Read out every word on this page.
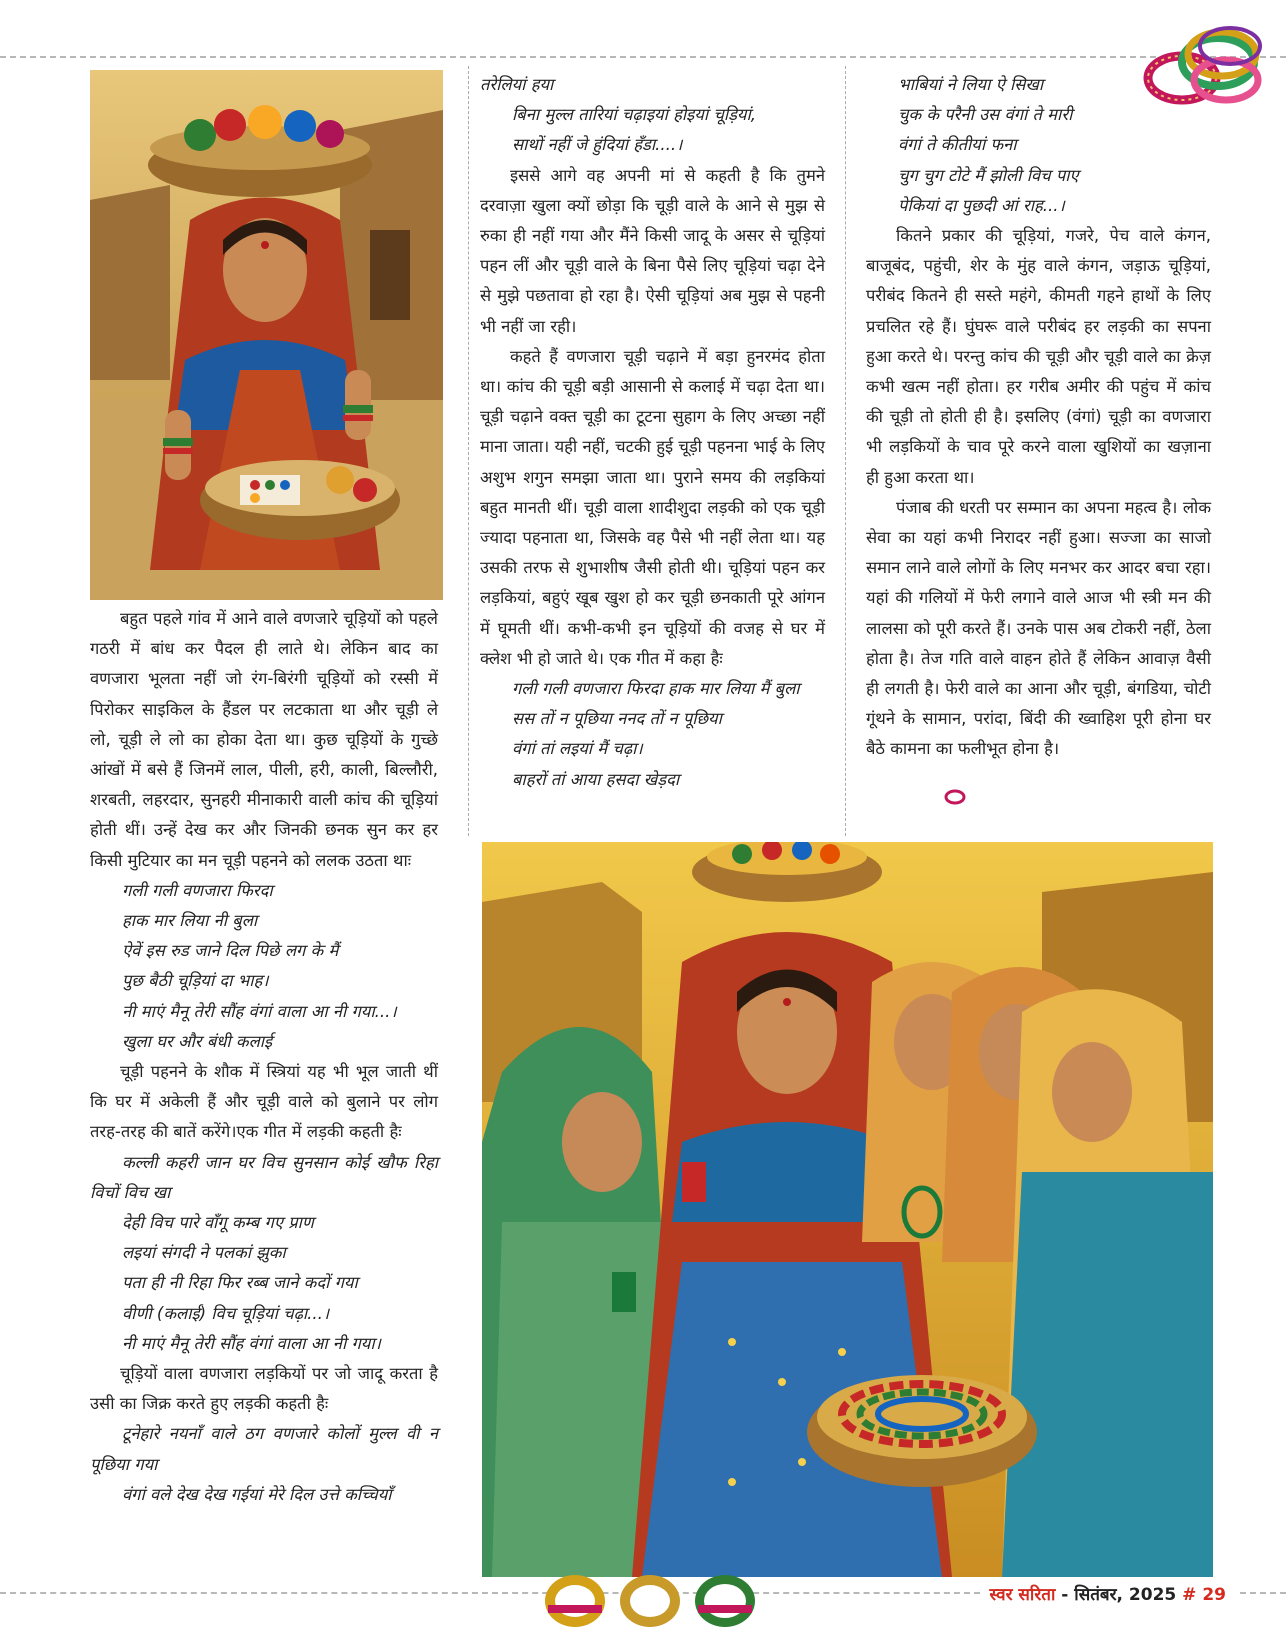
बहुत पहले गांव में आने वाले वणजारे चूड़ियों को पहले गठरी में बांध कर पैदल ही लाते थे। लेकिन बाद का वणजारा भूलता नहीं जो रंग-बिरंगी चूड़ियों को रस्सी में पिरोकर साइकिल के हैंडल पर लटकाता था और चूड़ी ले लो, चूड़ी ले लो का होका देता था। कुछ चूड़ियों के गुच्छे आंखों में बसे हैं जिनमें लाल, पीली, हरी, काली, बिल्लौरी, शरबती, लहरदार, सुनहरी मीनाकारी वाली कांच की चूड़ियां होती थीं। उन्हें देख कर और जिनकी छनक सुन कर हर किसी मुटियार का मन चूड़ी पहनने को ललक उठता थाः

गली गली वणजारा फिरदा
हाक मार लिया नी बुला
ऐवें इस रुड जाने दिल पिछे लग के मैं
पुछ बैठी चूड़ियां दा भाह।
नी माएं मैनू तेरी सौंह वंगां वाला आ नी गया...।
खुला घर और बंधी कलाई

चूड़ी पहनने के शौक में स्त्रियां यह भी भूल जाती थीं कि घर में अकेली हैं और चूड़ी वाले को बुलाने पर लोग तरह-तरह की बातें करेंगे।एक गीत में लड़की कहती हैः

कल्ली कहरी जान घर विच सुनसान कोई खौफ रिहा विचों विच खा
देही विच पारे वाँगू कम्ब गए प्राण
लइयां संगदी ने पलकां झुका
पता ही नी रिहा फिर रब्ब जाने कदों गया
वीणी (कलाई) विच चूड़ियां चढ़ा...।
नी माएं मैनू तेरी सौंह वंगां वाला आ नी गया।

चूड़ियों वाला वणजारा लड़कियों पर जो जादू करता है उसी का जिक्र करते हुए लड़की कहती हैः

टूनेहारे नयनाँ वाले ठग वणजारे कोलों मुल्ल वी न पूछिया गया
वंगां वले देख देख गईयां मेरे दिल उत्ते कच्चियाँ
तरेलियां हया
बिना मुल्ल तारियां चढ़ाइयां होइयां चूड़ियां,
साथों नहीं जे हुंदियां हँडा....।

इससे आगे वह अपनी मां से कहती है कि तुमने दरवाज़ा खुला क्यों छोड़ा कि चूड़ी वाले के आने से मुझ से रुका ही नहीं गया और मैंने किसी जादू के असर से चूड़ियां पहन लीं और चूड़ी वाले के बिना पैसे लिए चूड़ियां चढ़ा देने से मुझे पछतावा हो रहा है। ऐसी चूड़ियां अब मुझ से पहनी भी नहीं जा रही।

कहते हैं वणजारा चूड़ी चढ़ाने में बड़ा हुनरमंद होता था। कांच की चूड़ी बड़ी आसानी से कलाई में चढ़ा देता था। चूड़ी चढ़ाने वक्त चूड़ी का टूटना सुहाग के लिए अच्छा नहीं माना जाता। यही नहीं, चटकी हुई चूड़ी पहनना भाई के लिए अशुभ शगुन समझा जाता था। पुराने समय की लड़कियां बहुत मानती थीं। चूड़ी वाला शादीशुदा लड़की को एक चूड़ी ज्यादा पहनाता था, जिसके वह पैसे भी नहीं लेता था। यह उसकी तरफ से शुभाशीष जैसी होती थी। चूड़ियां पहन कर लड़कियां, बहुएं खूब खुश हो कर चूड़ी छनकाती पूरे आंगन में घूमती थीं। कभी-कभी इन चूड़ियों की वजह से घर में क्लेश भी हो जाते थे। एक गीत में कहा हैः

गली गली वणजारा फिरदा हाक मार लिया मैं बुला
सस तों न पूछिया ननद तों न पूछिया
वंगां तां लइयां मैं चढ़ा।
बाहरों तां आया हसदा खेड़दा
भाबियां ने लिया ऐ सिखा
चुक के परैनी उस वंगां ते मारी
वंगां ते कीतीयां फना
चुग चुग टोटे मैं झोली विच पाए
पेकियां दा पुछदी आं राह...।

कितने प्रकार की चूड़ियां, गजरे, पेच वाले कंगन, बाजूबंद, पहुंची, शेर के मुंह वाले कंगन, जड़ाऊ चूड़ियां, परीबंद कितने ही सस्ते महंगे, कीमती गहने हाथों के लिए प्रचलित रहे हैं। घुंघरू वाले परीबंद हर लड़की का सपना हुआ करते थे। परन्तु कांच की चूड़ी और चूड़ी वाले का क्रेज़ कभी खत्म नहीं होता। हर गरीब अमीर की पहुंच में कांच की चूड़ी तो होती ही है। इसलिए (वंगां) चूड़ी का वणजारा भी लड़कियों के चाव पूरे करने वाला खुशियों का खज़ाना ही हुआ करता था।

पंजाब की धरती पर सम्मान का अपना महत्व है। लोक सेवा का यहां कभी निरादर नहीं हुआ। सज्जा का साजो समान लाने वाले लोगों के लिए मनभर कर आदर बचा रहा। यहां की गलियों में फेरी लगाने वाले आज भी स्त्री मन की लालसा को पूरी करते हैं। उनके पास अब टोकरी नहीं, ठेला होता है। तेज गति वाले वाहन होते हैं लेकिन आवाज़ वैसी ही लगती है। फेरी वाले का आना और चूड़ी, बंगडिया, चोटी गूंथने के सामान, परांदा, बिंदी की ख्वाहिश पूरी होना घर बैठे कामना का फलीभूत होना है।

स्वर सरिता - सितंबर, 2025 # 29
